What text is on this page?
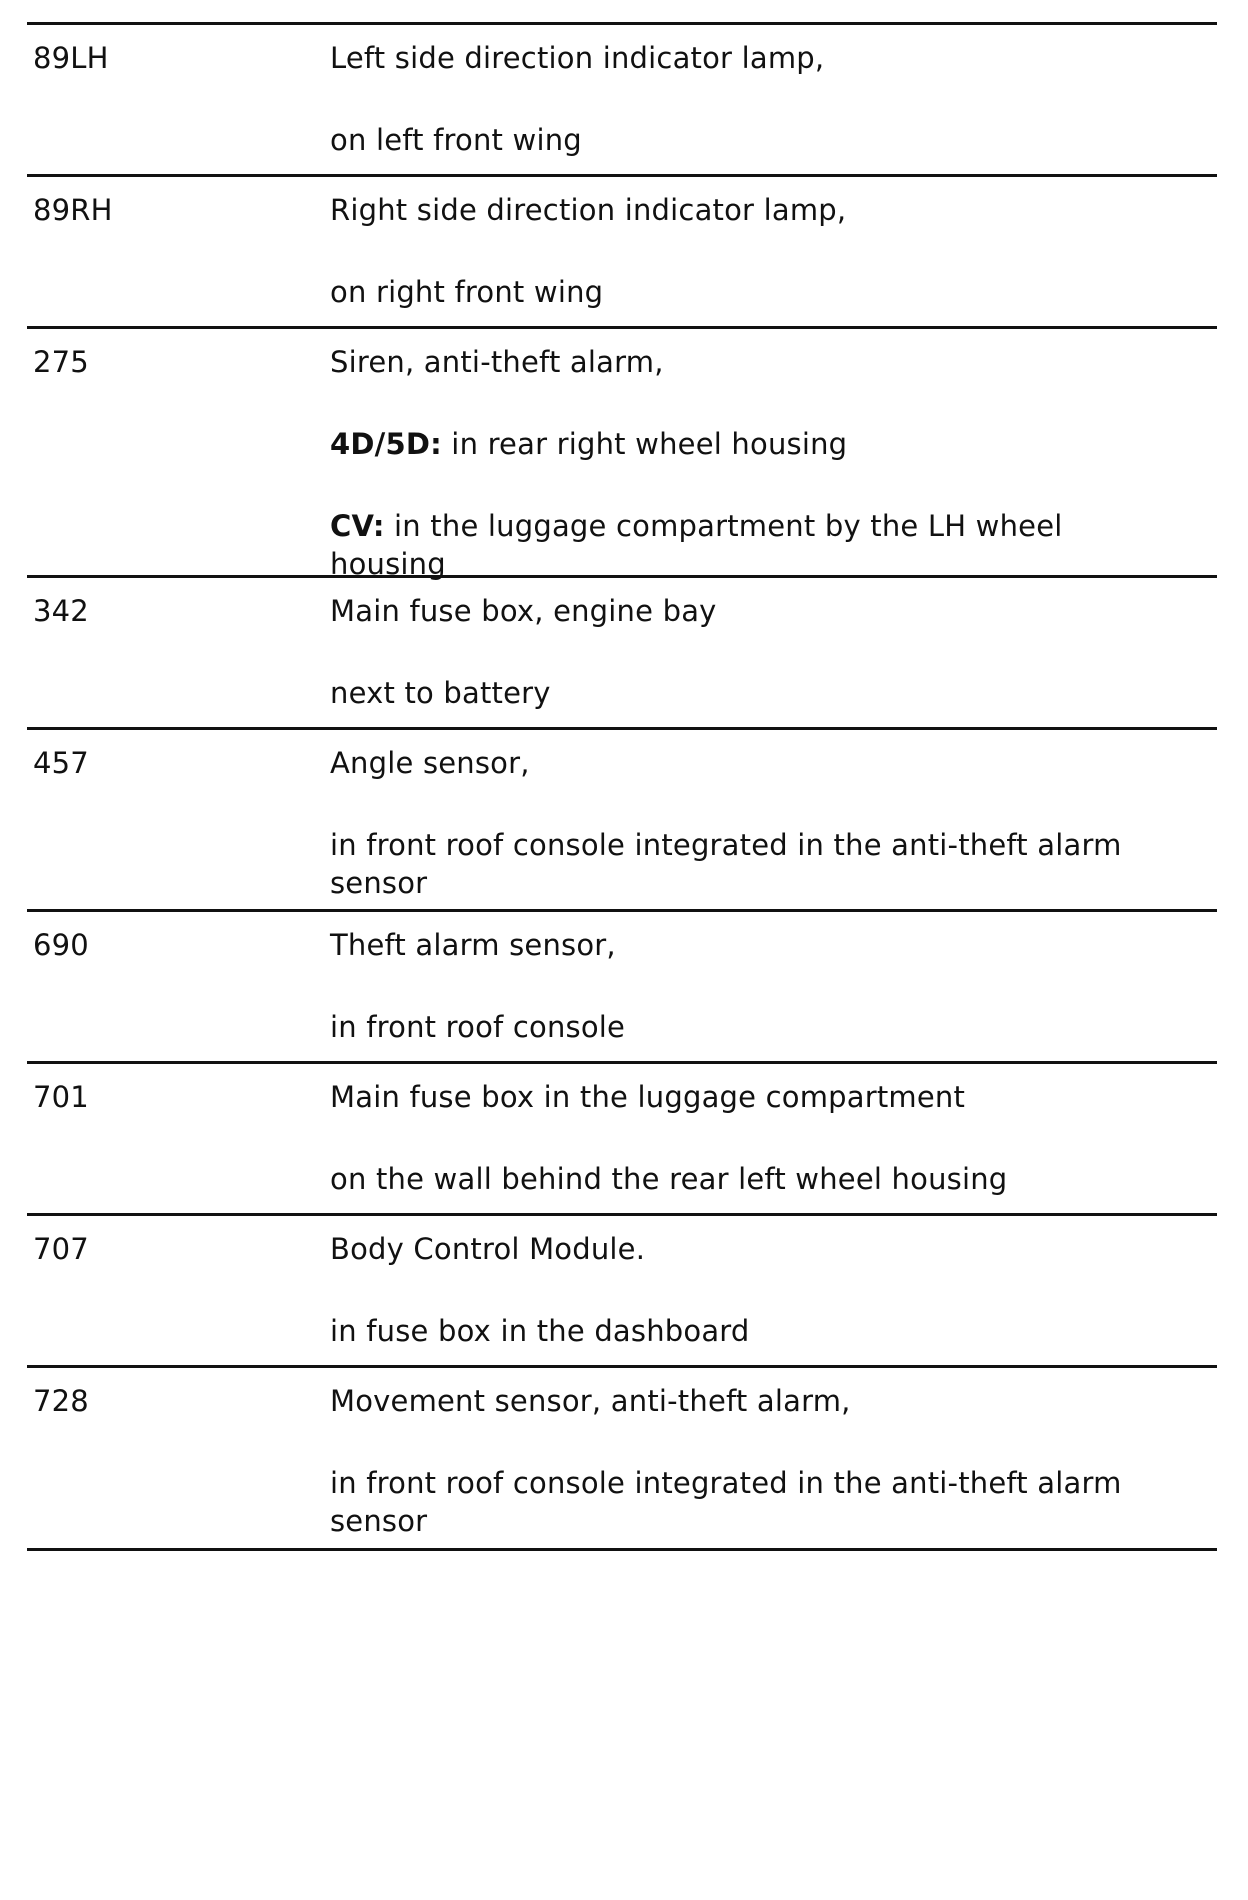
89LH	Left side direction indicator lamp,
on left front wing
89RH	Right side direction indicator lamp,
on right front wing
275	Siren, anti-theft alarm,
4D/5D: in rear right wheel housing
CV: in the luggage compartment by the LH wheel housing
342	Main fuse box, engine bay
next to battery
457	Angle sensor,
in front roof console integrated in the anti-theft alarm sensor
690	Theft alarm sensor,
in front roof console
701	Main fuse box in the luggage compartment
on the wall behind the rear left wheel housing
707	Body Control Module.
in fuse box in the dashboard
728	Movement sensor, anti-theft alarm,
in front roof console integrated in the anti-theft alarm sensor
